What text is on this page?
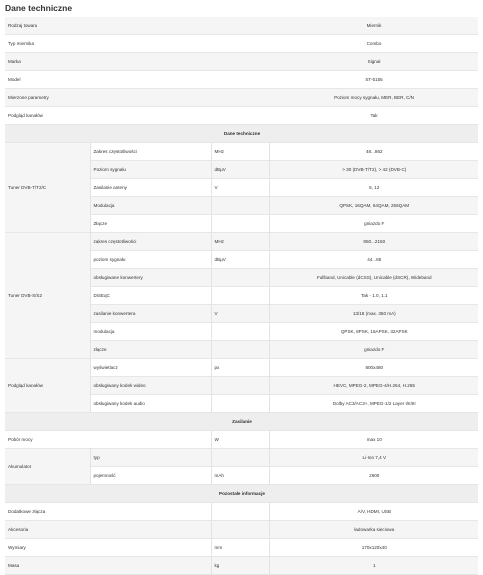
Dane techniczne
Rodzaj towaru			Miernik
Typ miernika			Combo
Marka			Signal
Model			ST-5155
Mierzone parametry			Poziom mocy sygnału, MER, BER, C/N
Podgląd kanałów			Tak
Dane techniczne			
Tuner DVB-T/T2/C	Zakres częstotliwości	MHz	48...862
	Poziom sygnału	dBµV	> 30 (DVB-T/T2), > 42 (DVB-C)
	Zasilanie anteny	V	5, 12
	Modulacja		QPSK, 16QAM, 64QAM, 256QAM
	Złącze		gniazdo F
Tuner DVB-S/S2	zakres częstotliwości	MHz	950...2150
	poziom sygnału	dBµV	44...85
	obsługiwane konwertery		Fullband, Unicable (dCSS), Unicable (dSCR), Wideband
	DiSEqC		Tak - 1.0, 1.1
	zasilanie konwertera	V	13/18 (max. 350 mA)
	modulacja		QPSK, 8PSK, 16APSK, 32APSK
	złącze		gniazdo F
Podgląd kanałów	wyświetlacz	px	800x480
	obsługiwany kodek wideo		HEVC, MPEG-2, MPEG-4/H.264, H.265
	obsługiwany kodek audio		Dolby AC3/AC3+, MPEG-1/2 Layer I/II/III
Zasilanie			
Pobór mocy		W	max 10
Akumulator	typ		Li-Ion 7,4 V
	pojemność	mAh	2600
Pozostałe informacje			
Dodatkowe złącza			A/V, HDMI, USB
Akcesoria			ładowarka sieciowa
Wymiary		mm	170x120x40
Masa		kg	1
